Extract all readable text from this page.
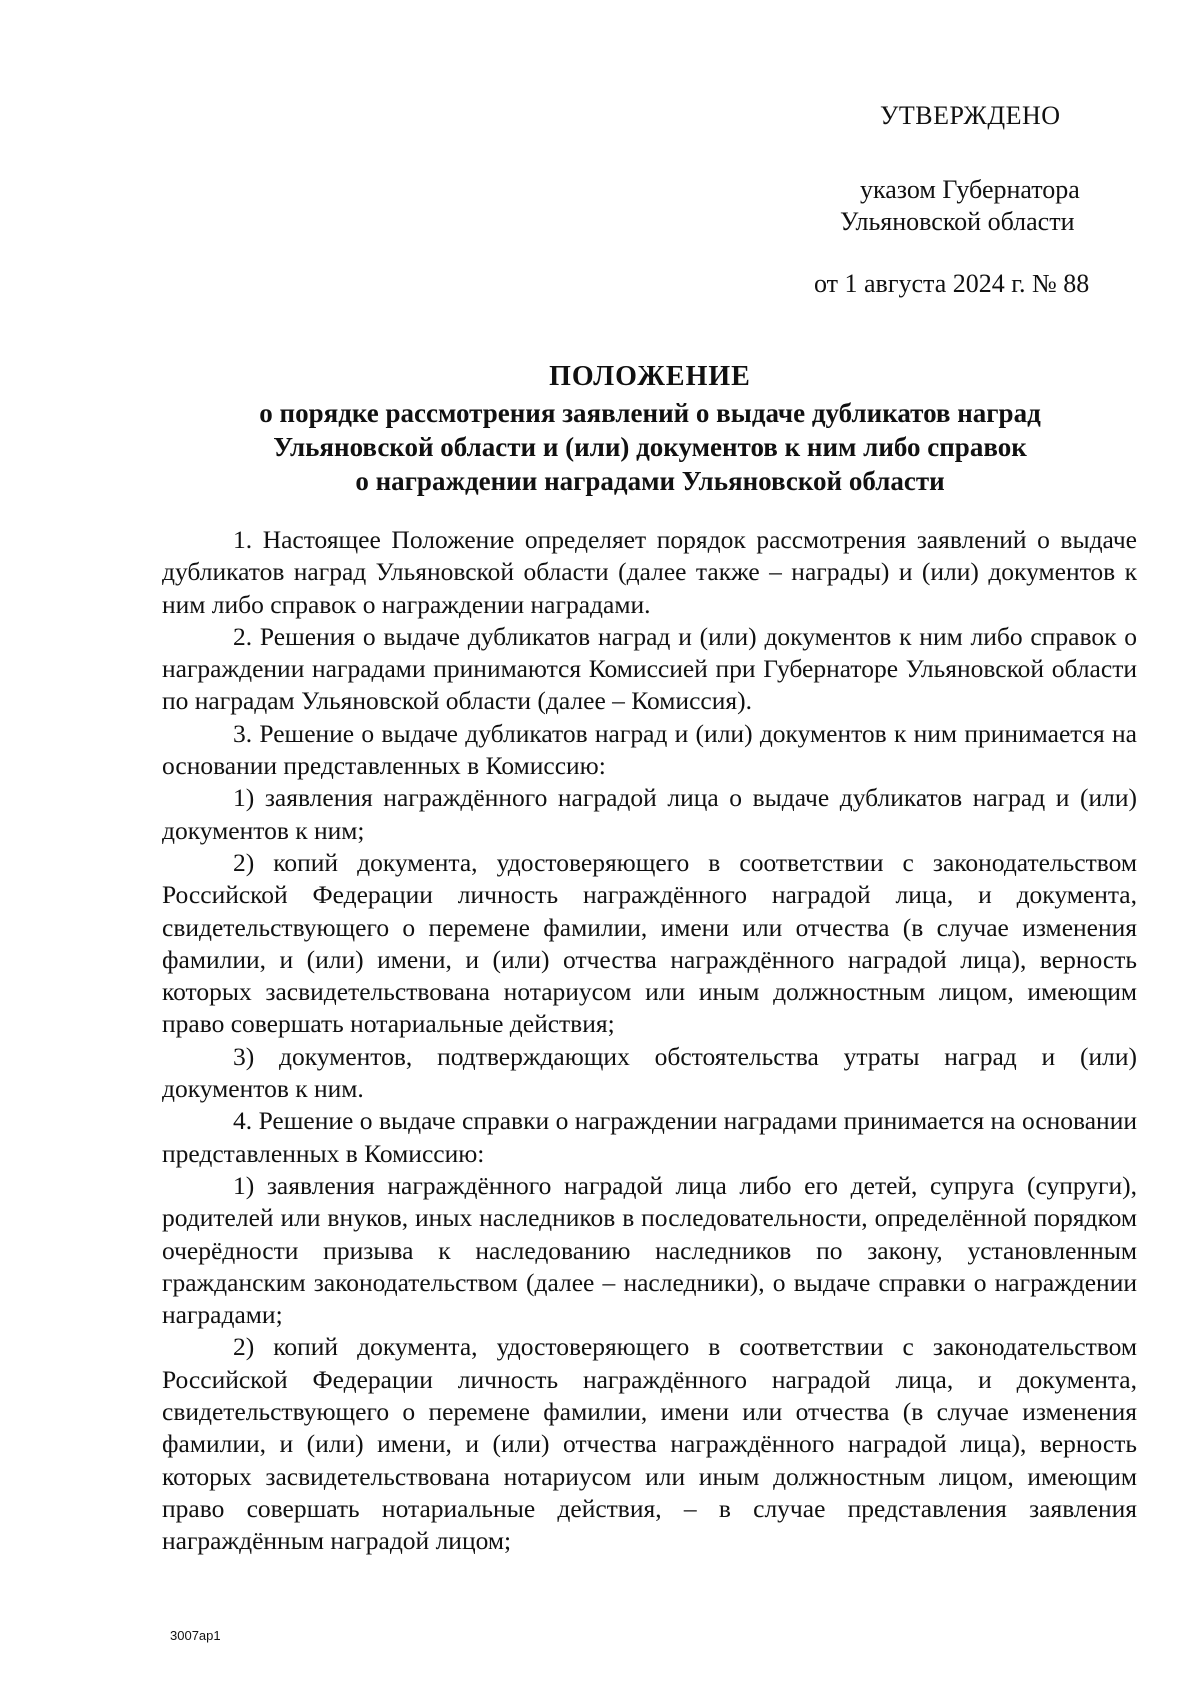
УТВЕРЖДЕНО
указом Губернатора
Ульяновской области
от 1 августа 2024 г. № 88
ПОЛОЖЕНИЕ
о порядке рассмотрения заявлений о выдаче дубликатов наград
Ульяновской области и (или) документов к ним либо справок
о награждении наградами Ульяновской области

1. Настоящее Положение определяет порядок рассмотрения заявлений о выдаче дубликатов наград Ульяновской области (далее также – награды) и (или) документов к ним либо справок о награждении наградами.

2. Решения о выдаче дубликатов наград и (или) документов к ним либо справок о награждении наградами принимаются Комиссией при Губернаторе Ульяновской области по наградам Ульяновской области (далее – Комиссия).

3. Решение о выдаче дубликатов наград и (или) документов к ним принимается на основании представленных в Комиссию:

1) заявления награждённого наградой лица о выдаче дубликатов наград и (или) документов к ним;

2) копий документа, удостоверяющего в соответствии с законодательством Российской Федерации личность награждённого наградой лица, и документа, свидетельствующего о перемене фамилии, имени или отчества (в случае изменения фамилии, и (или) имени, и (или) отчества награждённого наградой лица), верность которых засвидетельствована нотариусом или иным должностным лицом, имеющим право совершать нотариальные действия;

3) документов, подтверждающих обстоятельства утраты наград и (или) документов к ним.

4. Решение о выдаче справки о награждении наградами принимается на основании представленных в Комиссию:

1) заявления награждённого наградой лица либо его детей, супруга (супруги), родителей или внуков, иных наследников в последовательности, определённой порядком очерёдности призыва к наследованию наследников по закону, установленным гражданским законодательством (далее – наследники), о выдаче справки о награждении наградами;

2) копий документа, удостоверяющего в соответствии с законодательством Российской Федерации личность награждённого наградой лица, и документа, свидетельствующего о перемене фамилии, имени или отчества (в случае изменения фамилии, и (или) имени, и (или) отчества награждённого наградой лица), верность которых засвидетельствована нотариусом или иным должностным лицом, имеющим право совершать нотариальные действия, – в случае представления заявления награждённым наградой лицом;

3007ap1
